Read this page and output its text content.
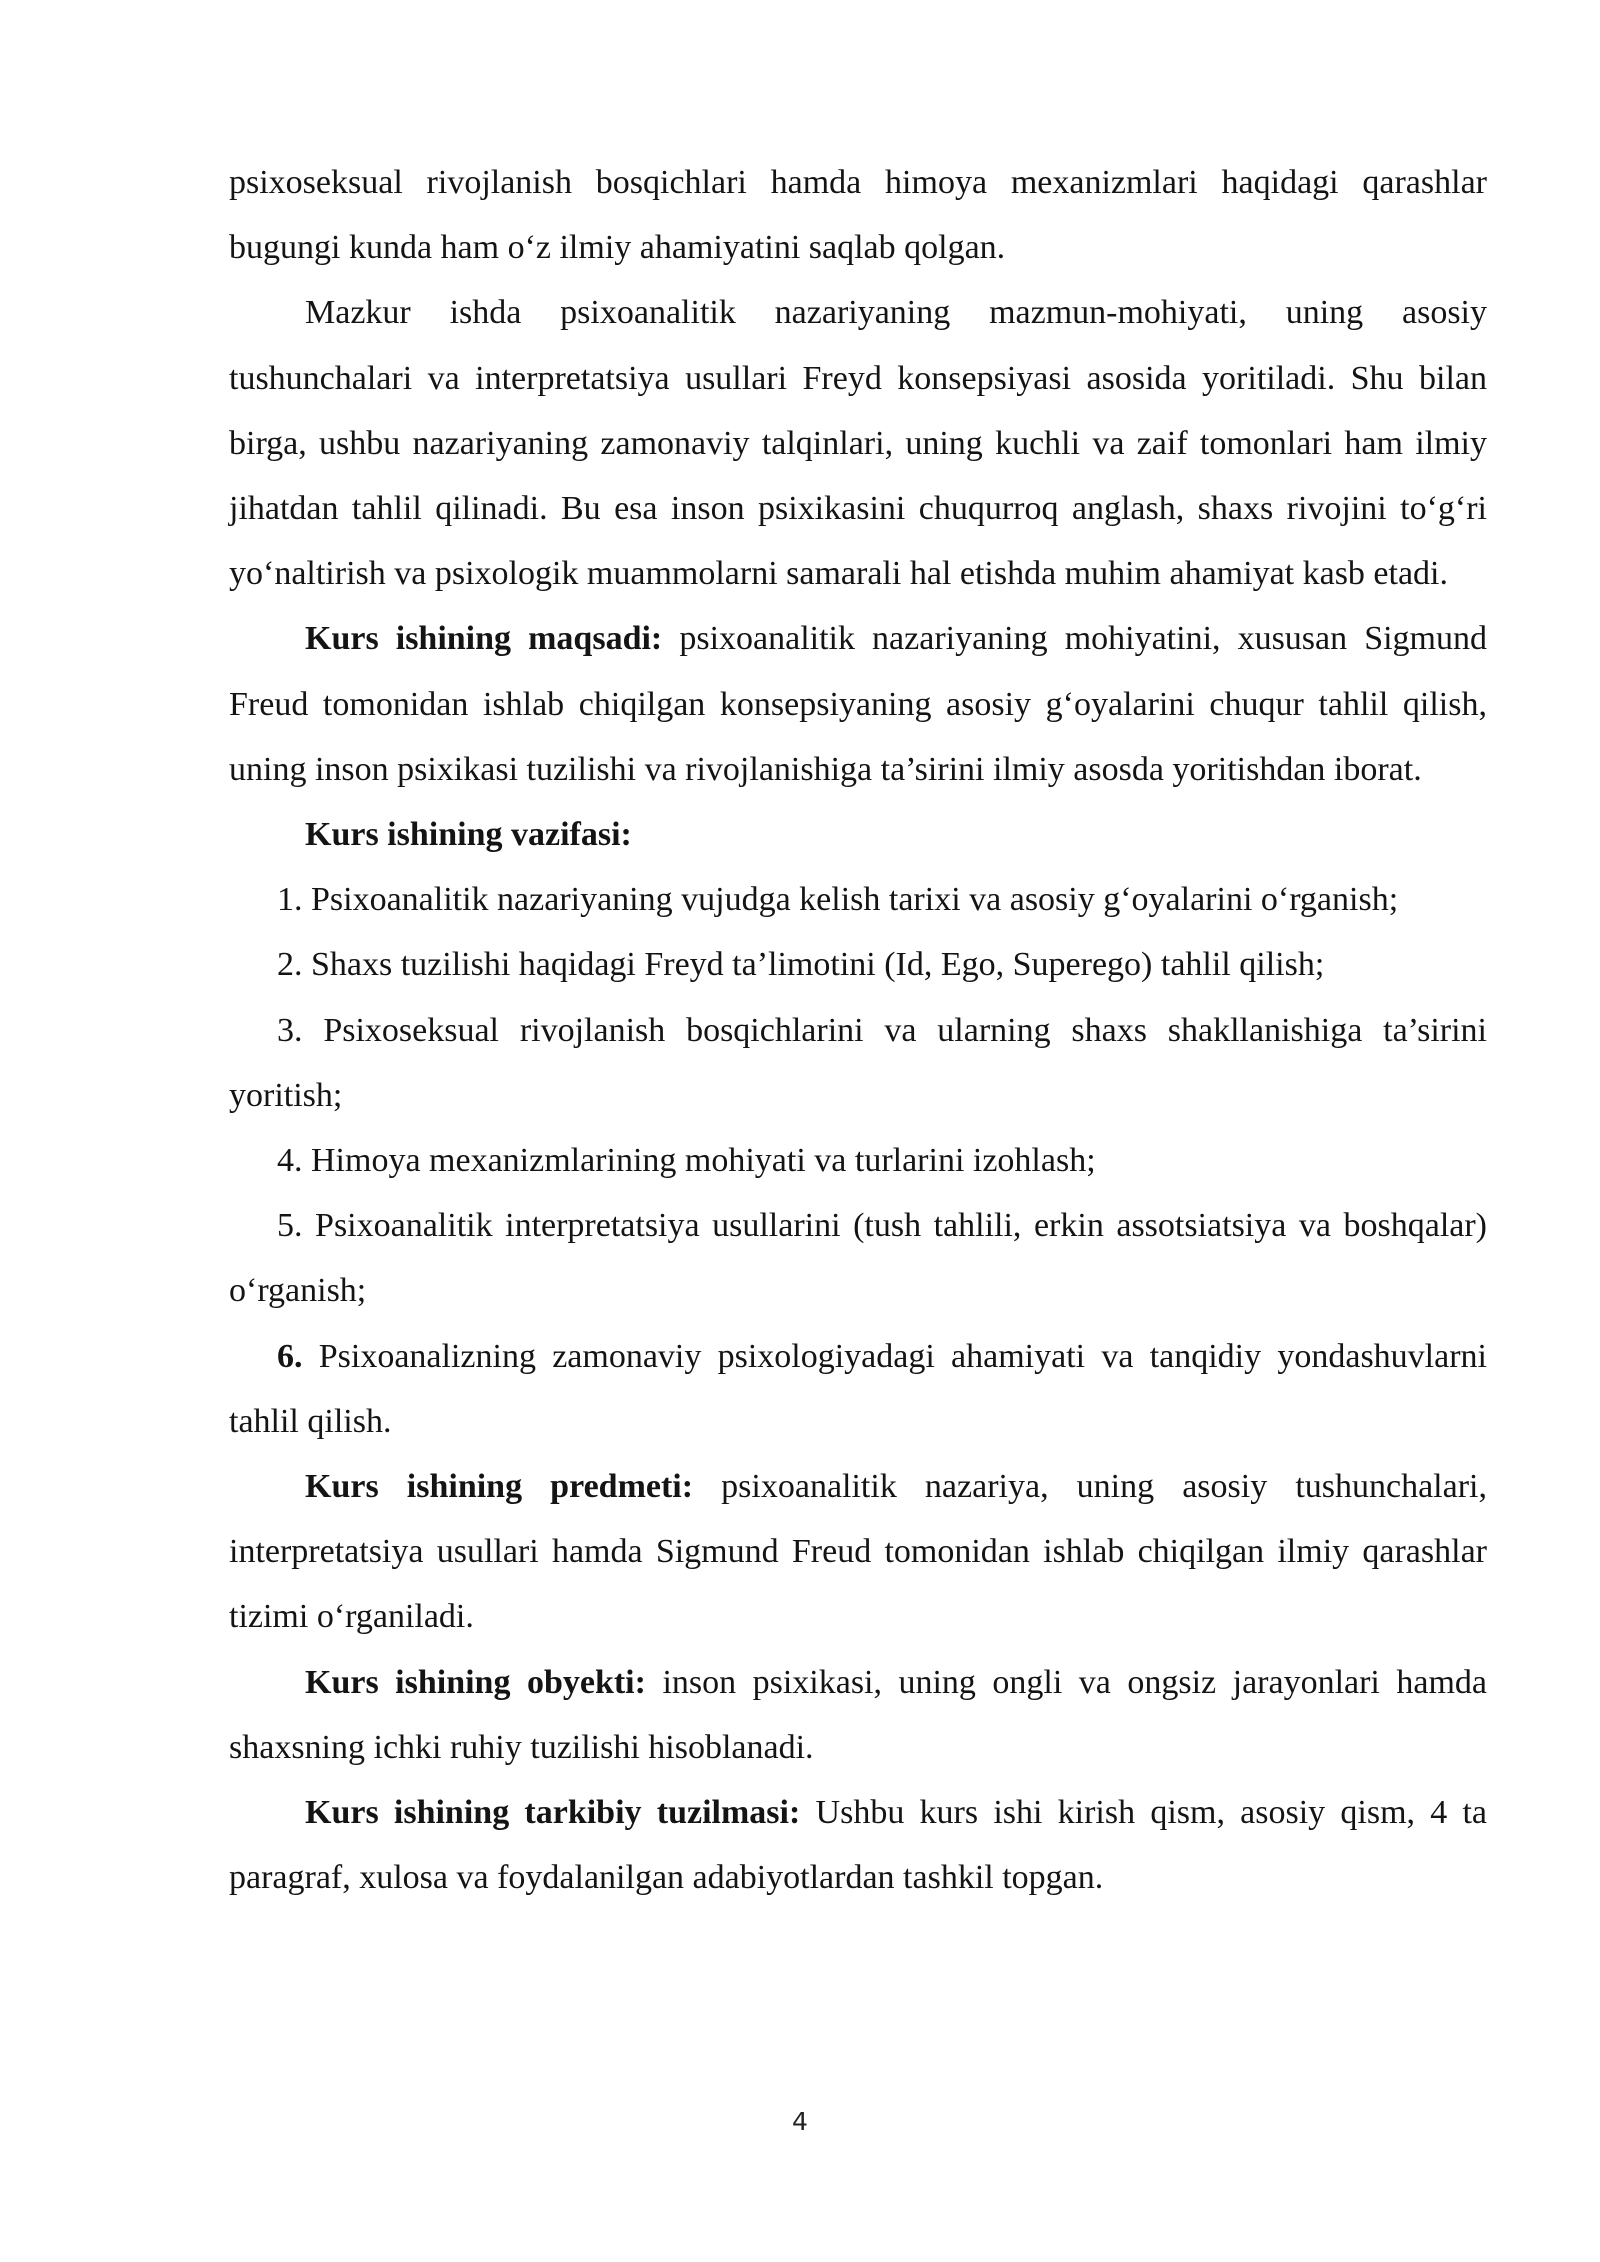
psixoseksual rivojlanish bosqichlari hamda himoya mexanizmlari haqidagi qarashlar bugungi kunda ham o‘z ilmiy ahamiyatini saqlab qolgan.

Mazkur ishda psixoanalitik nazariyaning mazmun-mohiyati, uning asosiy tushunchalari va interpretatsiya usullari Freyd konsepsiyasi asosida yoritiladi. Shu bilan birga, ushbu nazariyaning zamonaviy talqinlari, uning kuchli va zaif tomonlari ham ilmiy jihatdan tahlil qilinadi. Bu esa inson psixikasini chuqurroq anglash, shaxs rivojini to‘g‘ri yo‘naltirish va psixologik muammolarni samarali hal etishda muhim ahamiyat kasb etadi.

Kurs ishining maqsadi: psixoanalitik nazariyaning mohiyatini, xususan Sigmund Freud tomonidan ishlab chiqilgan konsepsiyaning asosiy g‘oyalarini chuqur tahlil qilish, uning inson psixikasi tuzilishi va rivojlanishiga ta’sirini ilmiy asosda yoritishdan iborat.

Kurs ishining vazifasi:

1. Psixoanalitik nazariyaning vujudga kelish tarixi va asosiy g‘oyalarini o‘rganish;

2. Shaxs tuzilishi haqidagi Freyd ta’limotini (Id, Ego, Superego) tahlil qilish;

3. Psixoseksual rivojlanish bosqichlarini va ularning shaxs shakllanishiga ta’sirini yoritish;

4. Himoya mexanizmlarining mohiyati va turlarini izohlash;

5. Psixoanalitik interpretatsiya usullarini (tush tahlili, erkin assotsiatsiya va boshqalar) o‘rganish;

6. Psixoanalizning zamonaviy psixologiyadagi ahamiyati va tanqidiy yondashuvlarni tahlil qilish.

Kurs ishining predmeti: psixoanalitik nazariya, uning asosiy tushunchalari, interpretatsiya usullari hamda Sigmund Freud tomonidan ishlab chiqilgan ilmiy qarashlar tizimi o‘rganiladi.

Kurs ishining obyekti: inson psixikasi, uning ongli va ongsiz jarayonlari hamda shaxsning ichki ruhiy tuzilishi hisoblanadi.

Kurs ishining tarkibiy tuzilmasi: Ushbu kurs ishi kirish qism, asosiy qism, 4 ta paragraf, xulosa va foydalanilgan adabiyotlardan tashkil topgan.

4
